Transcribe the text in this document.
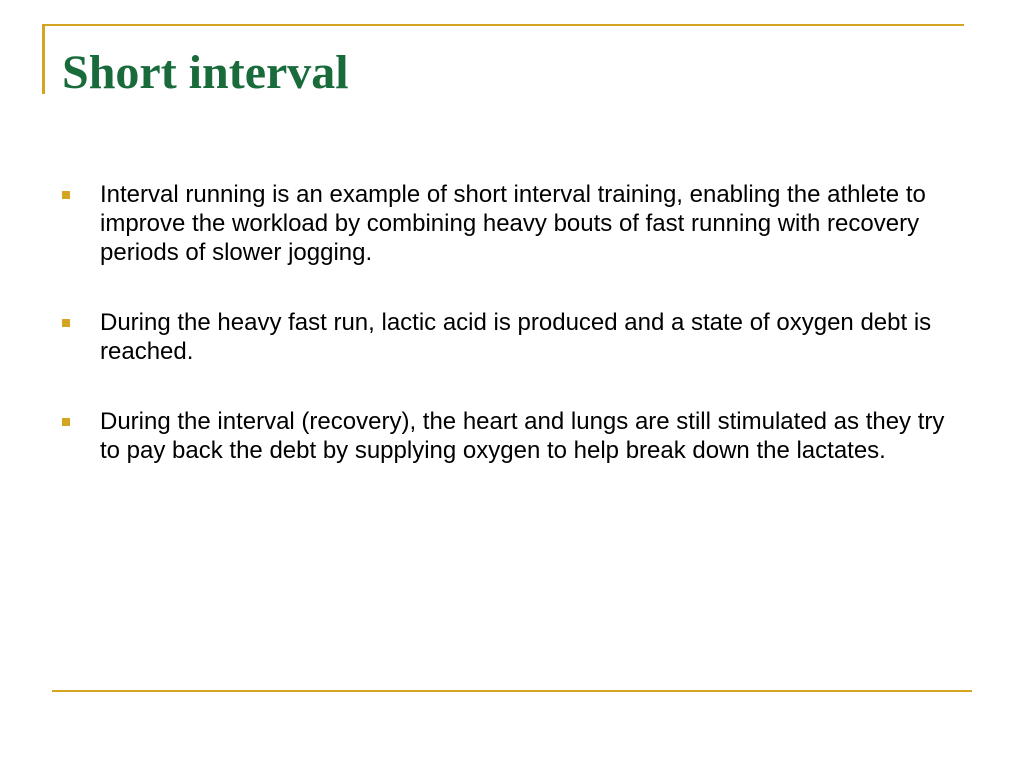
Short interval
Interval running is an example of short interval training, enabling the athlete to improve the workload by combining heavy bouts of fast running with recovery periods of slower jogging.
During the heavy fast run, lactic acid is produced and a state of oxygen debt is reached.
During the interval (recovery), the heart and lungs are still stimulated as they try to pay back the debt by supplying oxygen to help break down the lactates.
